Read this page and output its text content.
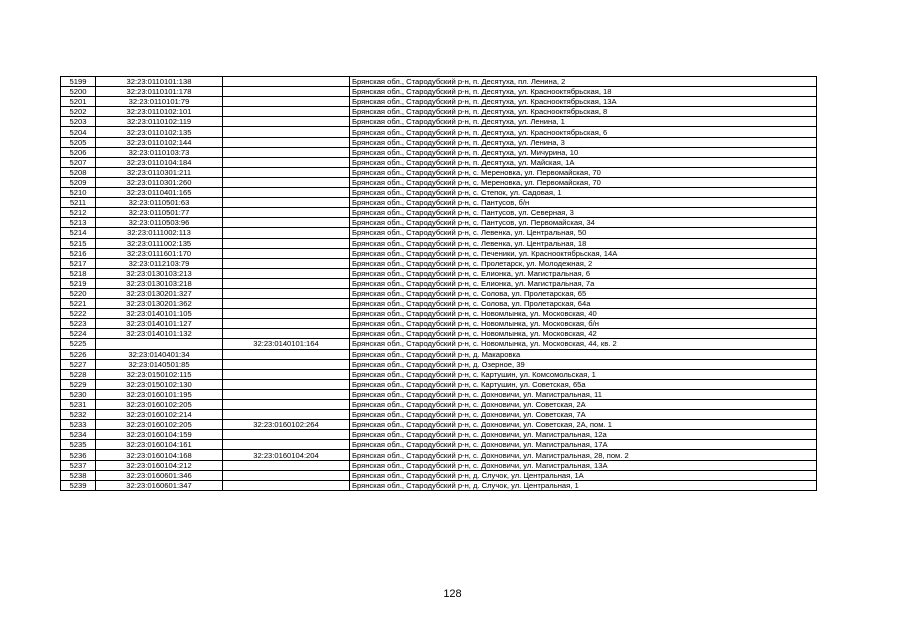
5199	32:23:0110101:138		Брянская обл., Стародубский р-н, п. Десятуха, пл. Ленина, 2
5200	32:23:0110101:178		Брянская обл., Стародубский р-н, п. Десятуха, ул. Краснооктябрьская, 18
5201	32:23:0110101:79		Брянская обл., Стародубский р-н, п. Десятуха, ул. Краснооктябрьская, 13А
5202	32:23:0110102:101		Брянская обл., Стародубский р-н, п. Десятуха, ул. Краснооктябрьская, 8
5203	32:23:0110102:119		Брянская обл., Стародубский р-н, п. Десятуха, ул. Ленина, 1
5204	32:23:0110102:135		Брянская обл., Стародубский р-н, п. Десятуха, ул. Краснооктябрьская, 6
5205	32:23:0110102:144		Брянская обл., Стародубский р-н, п. Десятуха, ул. Ленина, 3
5206	32:23:0110103:73		Брянская обл., Стародубский р-н, п. Десятуха, ул. Мичурина, 10
5207	32:23:0110104:184		Брянская обл., Стародубский р-н, п. Десятуха, ул. Майская, 1А
5208	32:23:0110301:211		Брянская обл., Стародубский р-н, с. Мереновка, ул. Первомайская, 70
5209	32:23:0110301:260		Брянская обл., Стародубский р-н, с. Мереновка, ул. Первомайская, 70
5210	32:23:0110401:165		Брянская обл., Стародубский р-н, с. Степок, ул. Садовая, 1
5211	32:23:0110501:63		Брянская обл., Стародубский р-н, с. Пантусов, б/н
5212	32:23:0110501:77		Брянская обл., Стародубский р-н, с. Пантусов, ул. Северная, 3
5213	32:23:0110503:96		Брянская обл., Стародубский р-н, с. Пантусов, ул. Первомайская, 34
5214	32:23:0111002:113		Брянская обл., Стародубский р-н, с. Левенка, ул. Центральная, 50
5215	32:23:0111002:135		Брянская обл., Стародубский р-н, с. Левенка, ул. Центральная, 18
5216	32:23:0111601:170		Брянская обл., Стародубский р-н, с. Печеники, ул. Краснооктябрьская, 14А
5217	32:23:0112103:79		Брянская обл., Стародубский р-н, с. Пролетарск, ул. Молодежная, 2
5218	32:23:0130103:213		Брянская обл., Стародубский р-н, с. Елионка, ул. Магистральная, 6
5219	32:23:0130103:218		Брянская обл., Стародубский р-н, с. Елионка, ул. Магистральная, 7а
5220	32:23:0130201:327		Брянская обл., Стародубский р-н, с. Солова, ул. Пролетарская, 65
5221	32:23:0130201:362		Брянская обл., Стародубский р-н, с. Солова, ул. Пролетарская, 64а
5222	32:23:0140101:105		Брянская обл., Стародубский р-н, с. Новомлынка, ул. Московская, 40
5223	32:23:0140101:127		Брянская обл., Стародубский р-н, с. Новомлынка, ул. Московская, б/н
5224	32:23:0140101:132		Брянская обл., Стародубский р-н, с. Новомлынка, ул. Московская, 42
5225		32:23:0140101:164	Брянская обл., Стародубский р-н, с. Новомлынка, ул. Московская, 44, кв. 2
5226	32:23:0140401:34		Брянская обл., Стародубский р-н, д. Макаровка
5227	32:23:0140501:85		Брянская обл., Стародубский р-н, д. Озерное, 39
5228	32:23:0150102:115		Брянская обл., Стародубский р-н, с. Картушин, ул. Комсомольская, 1
5229	32:23:0150102:130		Брянская обл., Стародубский р-н, с. Картушин, ул. Советская, 65а
5230	32:23:0160101:195		Брянская обл., Стародубский р-н, с. Дохновичи, ул. Магистральная, 11
5231	32:23:0160102:205		Брянская обл., Стародубский р-н, с. Дохновичи, ул. Советская, 2А
5232	32:23:0160102:214		Брянская обл., Стародубский р-н, с. Дохновичи, ул. Советская, 7А
5233	32:23:0160102:205	32:23:0160102:264	Брянская обл., Стародубский р-н, с. Дохновичи, ул. Советская, 2А, пом. 1
5234	32:23:0160104:159		Брянская обл., Стародубский р-н, с. Дохновичи, ул. Магистральная, 12а
5235	32:23:0160104:161		Брянская обл., Стародубский р-н, с. Дохновичи, ул. Магистральная, 17А
5236	32:23:0160104:168	32:23:0160104:204	Брянская обл., Стародубский р-н, с. Дохновичи, ул. Магистральная, 28, пом. 2
5237	32:23:0160104:212		Брянская обл., Стародубский р-н, с. Дохновичи, ул. Магистральная, 13А
5238	32:23:0160601:346		Брянская обл., Стародубский р-н, д. Случок, ул. Центральная, 1А
5239	32:23:0160601:347		Брянская обл., Стародубский р-н, д. Случок, ул. Центральная, 1
128
